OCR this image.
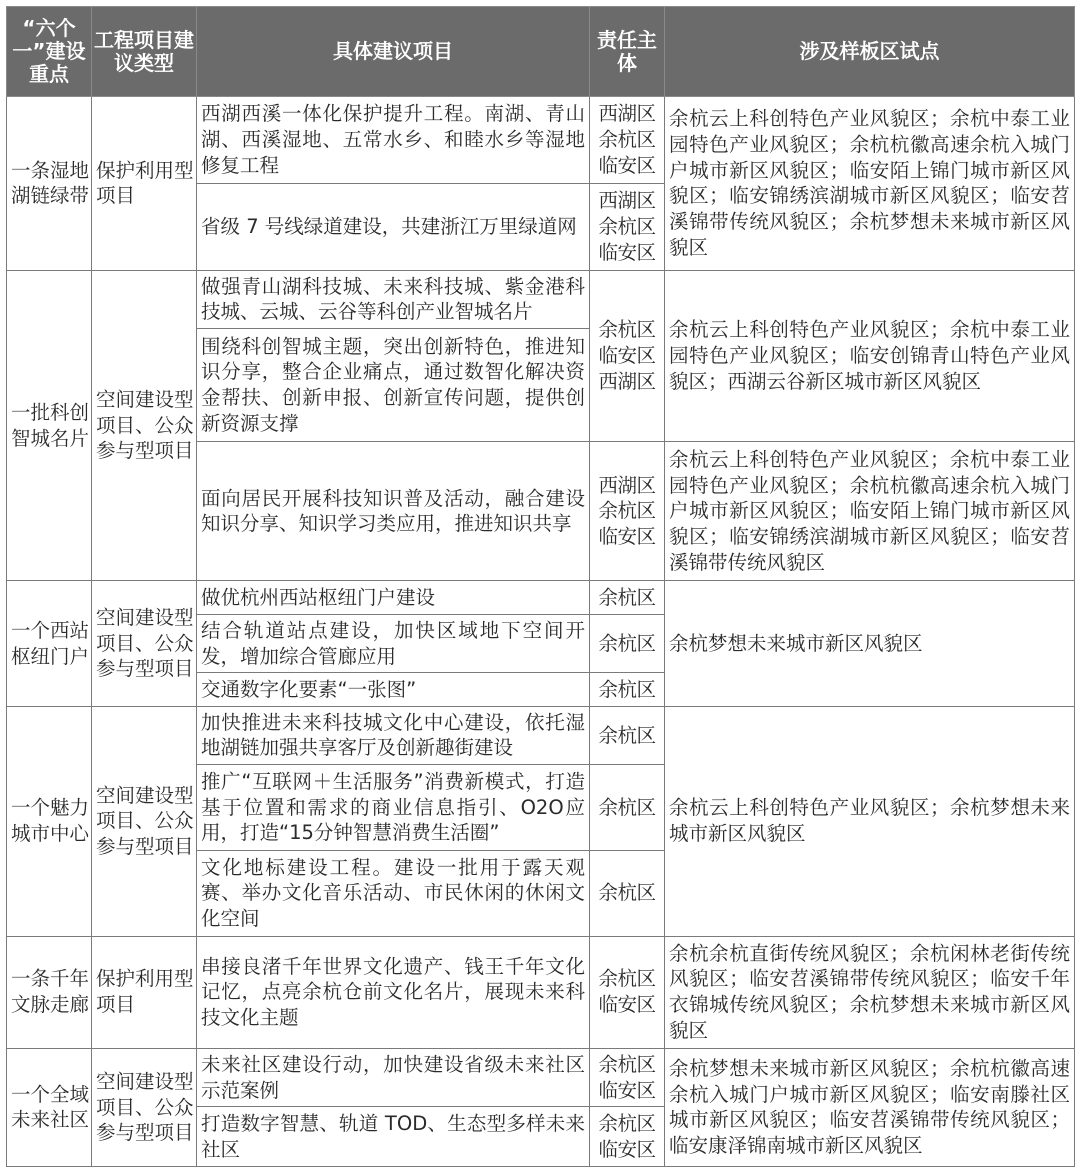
“六个一”建设重点	工程项目建议类型	具体建议项目	责任主体	涉及样板区试点
一条湿地湖链绿带	保护利用型项目	西湖西溪一体化保护提升工程。南湖、青山湖、西溪湿地、五常水乡、和睦水乡等湿地修复工程	西湖区余杭区临安区	余杭云上科创特色产业风貌区；余杭中泰工业园特色产业风貌区；余杭杭徽高速余杭入城门户城市新区风貌区；临安陌上锦门城市新区风貌区；临安锦绣滨湖城市新区风貌区；临安苕溪锦带传统风貌区；余杭梦想未来城市新区风貌区
		省级 7 号线绿道建设，共建浙江万里绿道网	西湖区余杭区临安区	
一批科创智城名片	空间建设型项目、公众参与型项目	做强青山湖科技城、未来科技城、紫金港科技城、云城、云谷等科创产业智城名片	余杭区临安区西湖区	余杭云上科创特色产业风貌区；余杭中泰工业园特色产业风貌区；临安创锦青山特色产业风貌区；西湖云谷新区城市新区风貌区
		围绕科创智城主题，突出创新特色，推进知识分享，整合企业痛点，通过数智化解决资金帮扶、创新申报、创新宣传问题，提供创新资源支撑		
		面向居民开展科技知识普及活动，融合建设知识分享、知识学习类应用，推进知识共享	西湖区余杭区临安区	余杭云上科创特色产业风貌区；余杭中泰工业园特色产业风貌区；余杭杭徽高速余杭入城门户城市新区风貌区；临安陌上锦门城市新区风貌区；临安锦绣滨湖城市新区风貌区；临安苕溪锦带传统风貌区
一个西站枢纽门户	空间建设型项目、公众参与型项目	做优杭州西站枢纽门户建设	余杭区	余杭梦想未来城市新区风貌区
		结合轨道站点建设，加快区域地下空间开发，增加综合管廊应用	余杭区	
		交通数字化要素“一张图”	余杭区	
一个魅力城市中心	空间建设型项目、公众参与型项目	加快推进未来科技城文化中心建设，依托湿地湖链加强共享客厅及创新趣街建设	余杭区	余杭云上科创特色产业风貌区；余杭梦想未来城市新区风貌区
		推广“互联网＋生活服务”消费新模式，打造基于位置和需求的商业信息指引、O2O应用，打造“15分钟智慧消费生活圈”	余杭区	
		文化地标建设工程。建设一批用于露天观赛、举办文化音乐活动、市民休闲的休闲文化空间	余杭区	
一条千年文脉走廊	保护利用型项目	串接良渚千年世界文化遗产、钱王千年文化记忆，点亮余杭仓前文化名片，展现未来科技文化主题	余杭区临安区	余杭余杭直街传统风貌区；余杭闲林老街传统风貌区；临安苕溪锦带传统风貌区；临安千年衣锦城传统风貌区；余杭梦想未来城市新区风貌区
一个全域未来社区	空间建设型项目、公众参与型项目	未来社区建设行动，加快建设省级未来社区示范案例	余杭区临安区	余杭梦想未来城市新区风貌区；余杭杭徽高速余杭入城门户城市新区风貌区；临安南滕社区城市新区风貌区；临安苕溪锦带传统风貌区；临安康泽锦南城市新区风貌区
		打造数字智慧、轨道 TOD、生态型多样未来社区	余杭区临安区	
